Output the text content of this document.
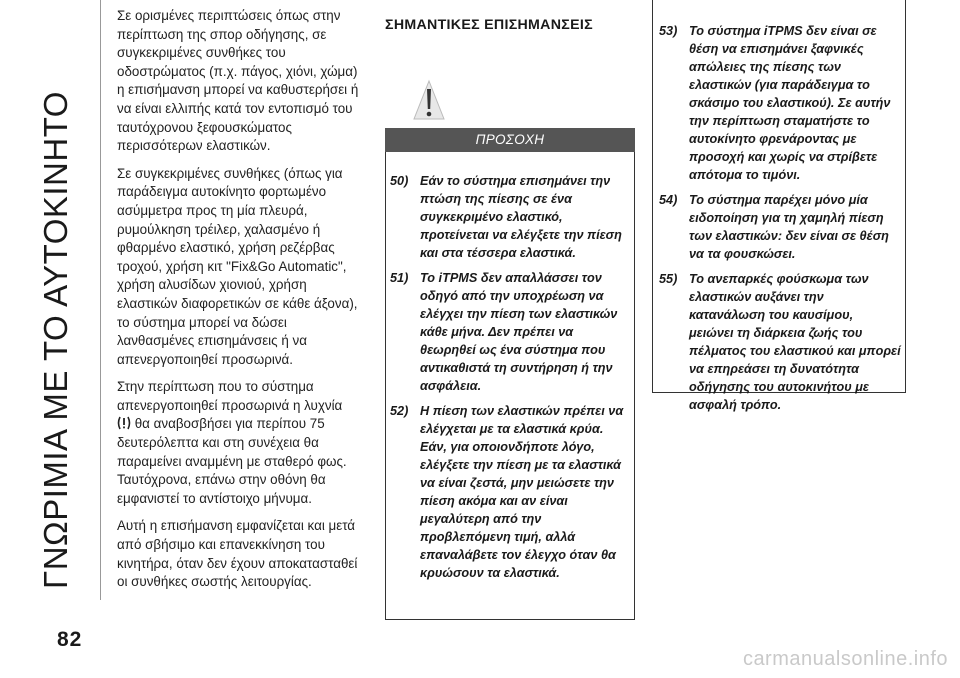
ΓΝΩΡΙΜΙΑ ΜΕ ΤΟ ΑΥΤΟΚΙΝΗΤΟ

Σε ορισμένες περιπτώσεις όπως στην περίπτωση της σπορ οδήγησης, σε συγκεκριμένες συνθήκες του οδοστρώματος (π.χ. πάγος, χιόνι, χώμα) η επισήμανση μπορεί να καθυστερήσει ή να είναι ελλιπής κατά τον εντοπισμό του ταυτόχρονου ξεφουσκώματος περισσότερων ελαστικών.

Σε συγκεκριμένες συνθήκες (όπως για παράδειγμα αυτοκίνητο φορτωμένο ασύμμετρα προς τη μία πλευρά, ρυμούλκηση τρέιλερ, χαλασμένο ή φθαρμένο ελαστικό, χρήση ρεζέρβας τροχού, χρήση κιτ "Fix&Go Automatic", χρήση αλυσίδων χιονιού, χρήση ελαστικών διαφορετικών σε κάθε άξονα), το σύστημα μπορεί να δώσει λανθασμένες επισημάνσεις ή να απενεργοποιηθεί προσωρινά.

Στην περίπτωση που το σύστημα απενεργοποιηθεί προσωρινά η λυχνία
θα αναβοσβήσει για περίπου 75 δευτερόλεπτα και στη συνέχεια θα παραμείνει αναμμένη με σταθερό φως. Ταυτόχρονα, επάνω στην οθόνη θα εμφανιστεί το αντίστοιχο μήνυμα.

Αυτή η επισήμανση εμφανίζεται και μετά από σβήσιμο και επανεκκίνηση του κινητήρα, όταν δεν έχουν αποκατασταθεί οι συνθήκες σωστής λειτουργίας.

ΣΗΜΑΝΤΙΚΕΣ ΕΠΙΣΗΜΑΝΣΕΙΣ
ΠΡΟΣΟΧΗ
50) Εάν το σύστημα επισημάνει την πτώση της πίεσης σε ένα συγκεκριμένο ελαστικό, προτείνεται να ελέγξετε την πίεση και στα τέσσερα ελαστικά.
51) Το iTPMS δεν απαλλάσσει τον οδηγό από την υποχρέωση να ελέγχει την πίεση των ελαστικών κάθε μήνα. Δεν πρέπει να θεωρηθεί ως ένα σύστημα που αντικαθιστά τη συντήρηση ή την ασφάλεια.
52) Η πίεση των ελαστικών πρέπει να ελέγχεται με τα ελαστικά κρύα. Εάν, για οποιονδήποτε λόγο, ελέγξετε την πίεση με τα ελαστικά να είναι ζεστά, μην μειώσετε την πίεση ακόμα και αν είναι μεγαλύτερη από την προβλεπόμενη τιμή, αλλά επαναλάβετε τον έλεγχο όταν θα κρυώσουν τα ελαστικά.
53) Το σύστημα iTPMS δεν είναι σε θέση να επισημάνει ξαφνικές απώλειες της πίεσης των ελαστικών (για παράδειγμα το σκάσιμο του ελαστικού). Σε αυτήν την περίπτωση σταματήστε το αυτοκίνητο φρενάροντας με προσοχή και χωρίς να στρίβετε απότομα το τιμόνι.
54) Το σύστημα παρέχει μόνο μία ειδοποίηση για τη χαμηλή πίεση των ελαστικών: δεν είναι σε θέση να τα φουσκώσει.
55) Το ανεπαρκές φούσκωμα των ελαστικών αυξάνει την κατανάλωση του καυσίμου, μειώνει τη διάρκεια ζωής του πέλματος του ελαστικού και μπορεί να επηρεάσει τη δυνατότητα οδήγησης του αυτοκινήτου με ασφαλή τρόπο.
82
carmanualsonline.info
